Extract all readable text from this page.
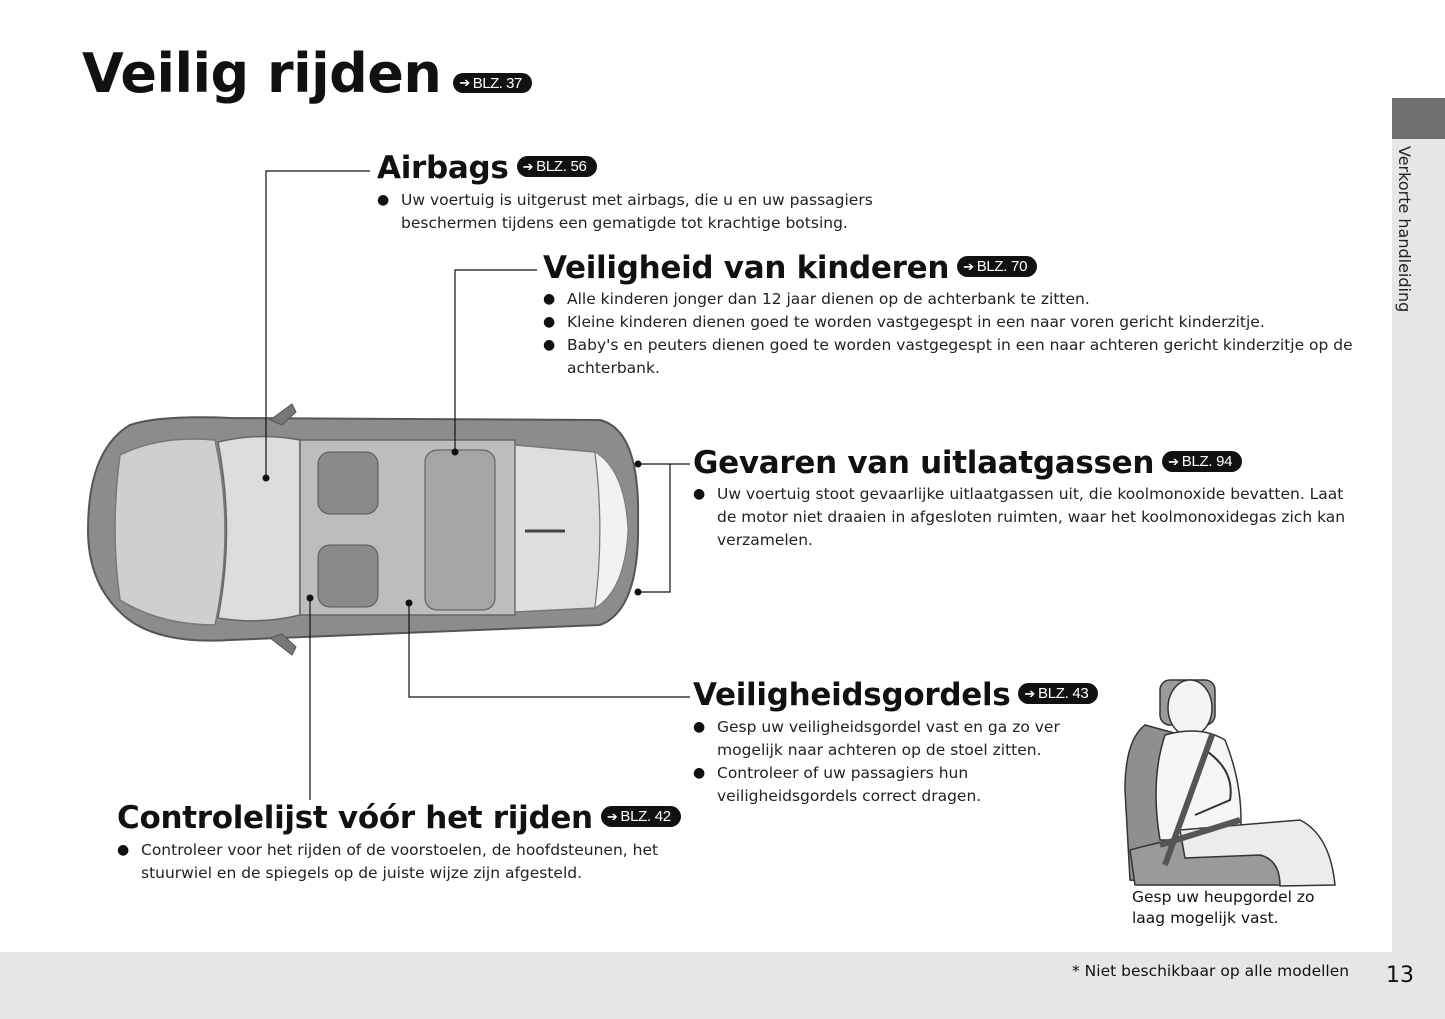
Verkorte handleiding
Veilig rijden ➔ BLZ. 37
Airbags ➔ BLZ. 56
● Uw voertuig is uitgerust met airbags, die u en uw passagiers beschermen tijdens een gematigde tot krachtige botsing.
Veiligheid van kinderen ➔ BLZ. 70
● Alle kinderen jonger dan 12 jaar dienen op de achterbank te zitten.
● Kleine kinderen dienen goed te worden vastgegespt in een naar voren gericht kinderzitje.
● Baby's en peuters dienen goed te worden vastgegespt in een naar achteren gericht kinderzitje op de achterbank.
Gevaren van uitlaatgassen ➔ BLZ. 94
● Uw voertuig stoot gevaarlijke uitlaatgassen uit, die koolmonoxide bevatten. Laat de motor niet draaien in afgesloten ruimten, waar het koolmonoxidegas zich kan verzamelen.
Veiligheidsgordels ➔ BLZ. 43
● Gesp uw veiligheidsgordel vast en ga zo ver mogelijk naar achteren op de stoel zitten.
● Controleer of uw passagiers hun veiligheidsgordels correct dragen.
Controlelijst vóór het rijden ➔ BLZ. 42
● Controleer voor het rijden of de voorstoelen, de hoofdsteunen, het stuurwiel en de spiegels op de juiste wijze zijn afgesteld.
Gesp uw heupgordel zo
laag mogelijk vast.
* Niet beschikbaar op alle modellen 13
